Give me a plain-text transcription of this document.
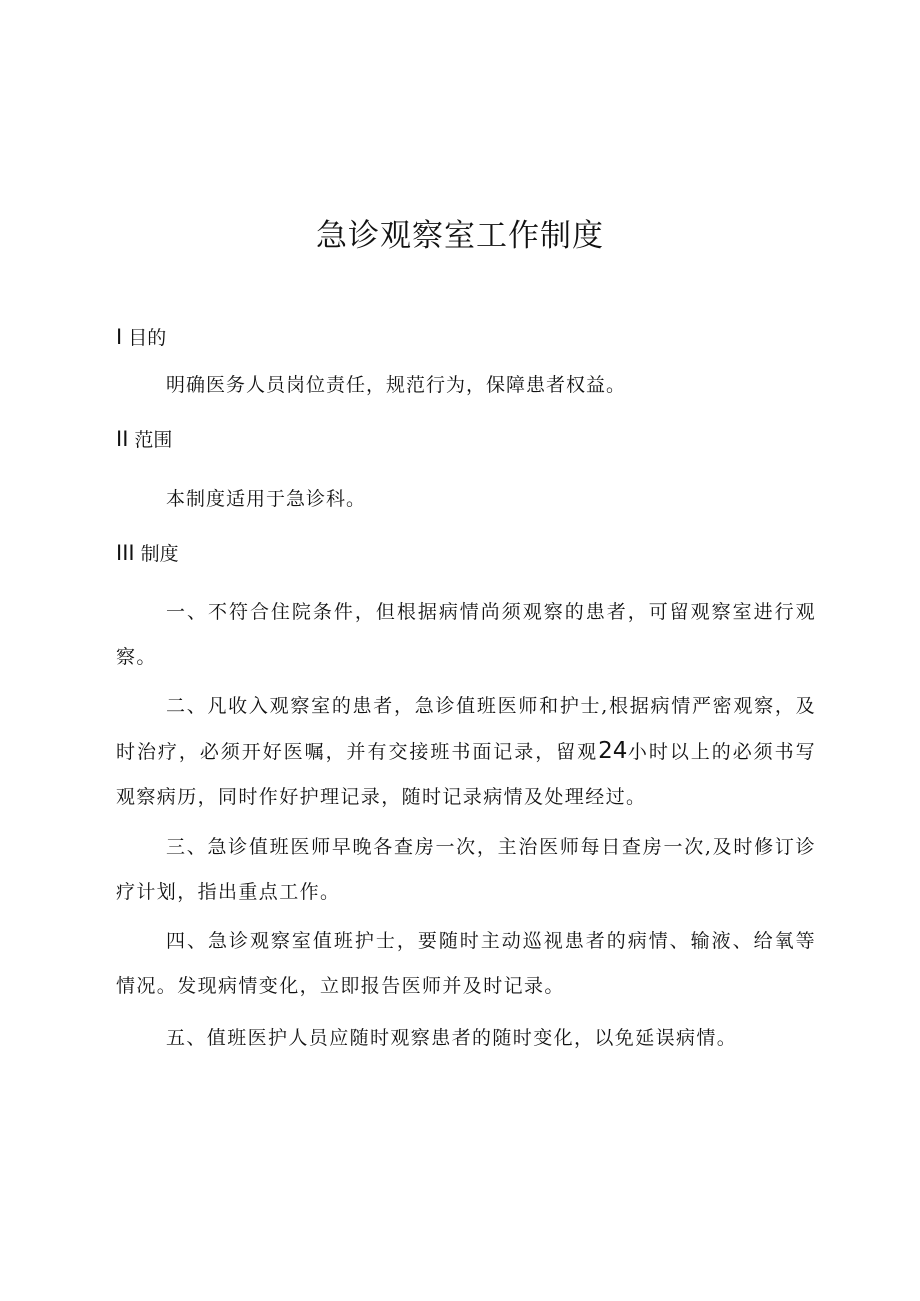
急诊观察室工作制度
I 目的
明确医务人员岗位责任，规范行为，保障患者权益。
II 范围
本制度适用于急诊科。
III 制度
一、不符合住院条件，但根据病情尚须观察的患者，可留观察室进行观察。
二、凡收入观察室的患者，急诊值班医师和护士,根据病情严密观察，及时治疗，必须开好医嘱，并有交接班书面记录，留观24小时以上的必须书写观察病历，同时作好护理记录，随时记录病情及处理经过。
三、急诊值班医师早晚各查房一次，主治医师每日查房一次,及时修订诊疗计划，指出重点工作。
四、急诊观察室值班护士，要随时主动巡视患者的病情、输液、给氧等情况。发现病情变化，立即报告医师并及时记录。
五、值班医护人员应随时观察患者的随时变化，以免延误病情。
